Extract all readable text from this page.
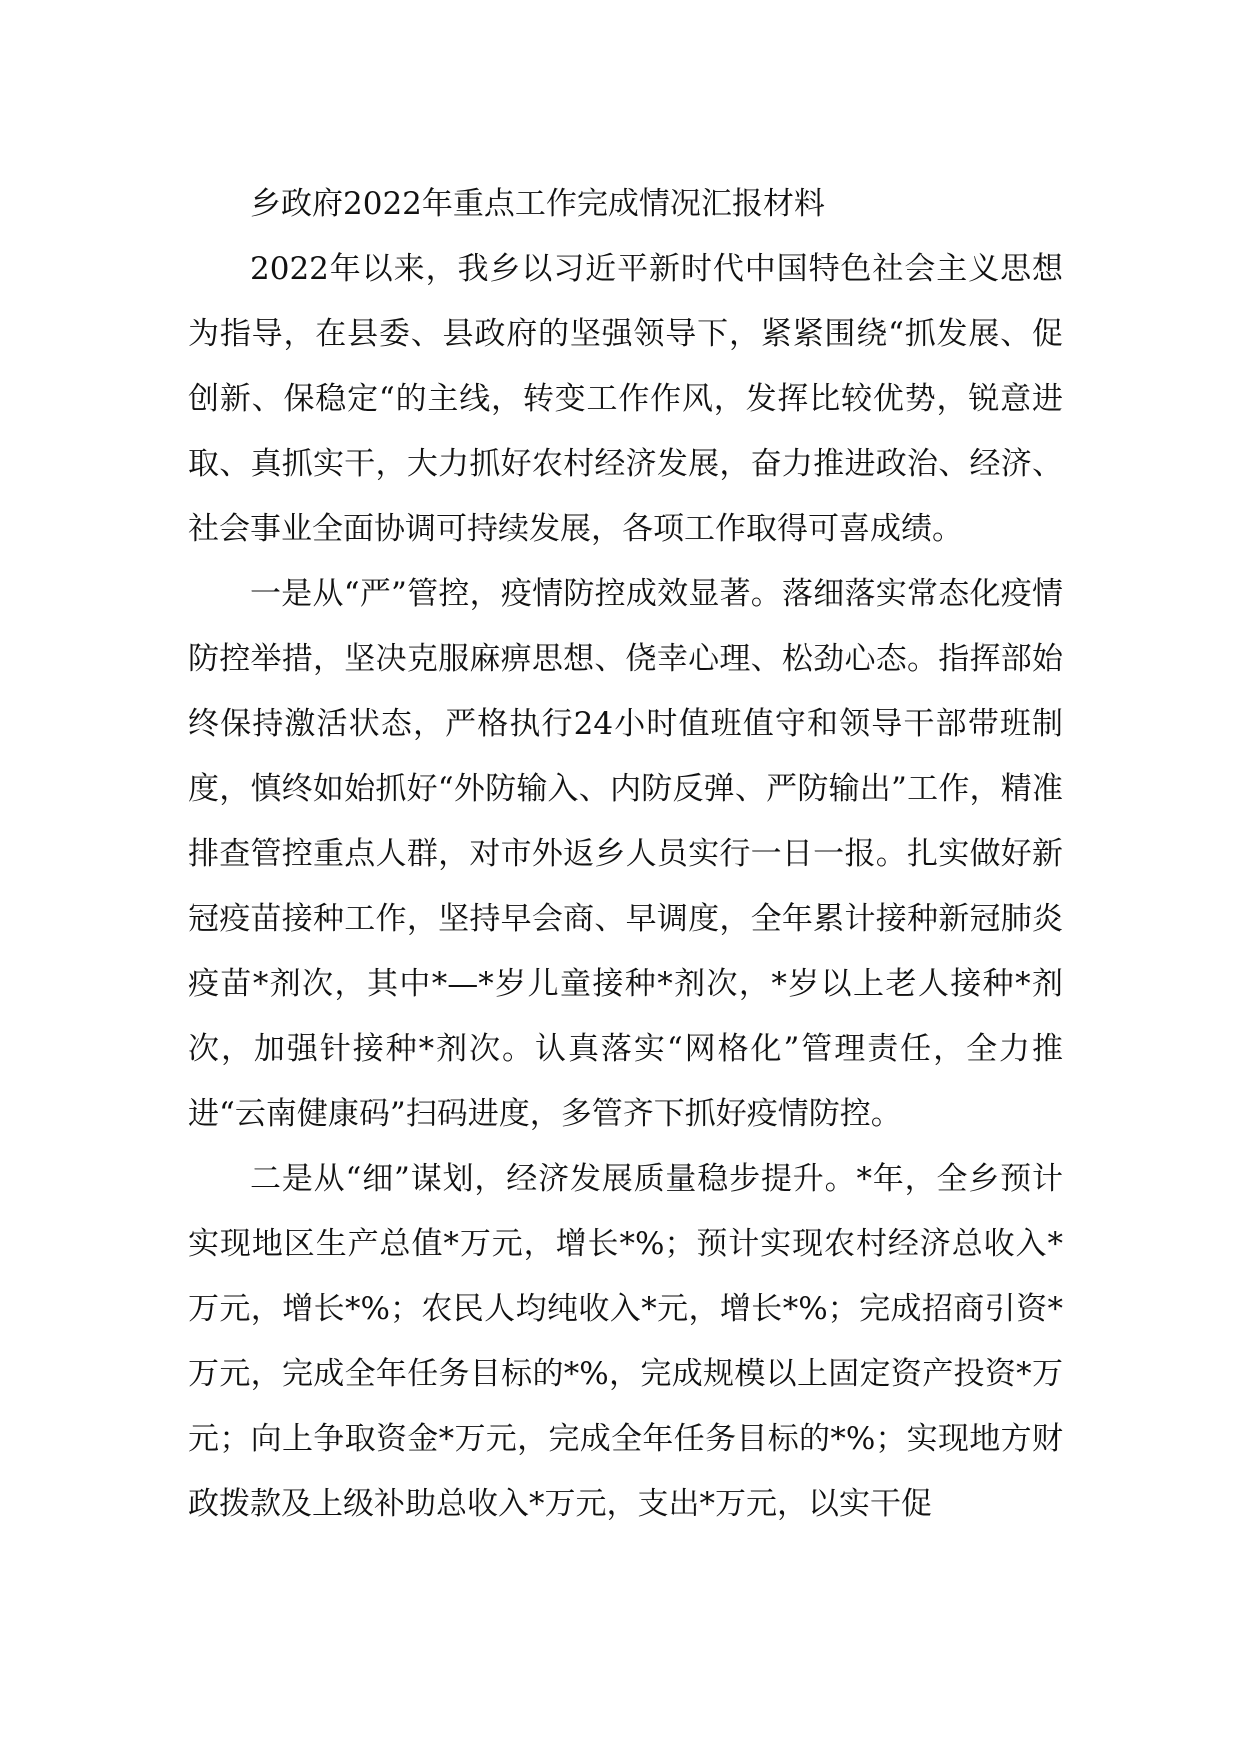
乡政府2022年重点工作完成情况汇报材料

2022年以来，我乡以习近平新时代中国特色社会主义思想为指导，在县委、县政府的坚强领导下，紧紧围绕“抓发展、促创新、保稳定“的主线，转变工作作风，发挥比较优势，锐意进取、真抓实干，大力抓好农村经济发展，奋力推进政治、经济、社会事业全面协调可持续发展，各项工作取得可喜成绩。

一是从“严”管控，疫情防控成效显著。落细落实常态化疫情防控举措，坚决克服麻痹思想、侥幸心理、松劲心态。指挥部始终保持激活状态，严格执行24小时值班值守和领导干部带班制度，慎终如始抓好“外防输入、内防反弹、严防输出”工作，精准排查管控重点人群，对市外返乡人员实行一日一报。扎实做好新冠疫苗接种工作，坚持早会商、早调度，全年累计接种新冠肺炎疫苗*剂次，其中*—*岁儿童接种*剂次，*岁以上老人接种*剂次，加强针接种*剂次。认真落实“网格化”管理责任，全力推进“云南健康码”扫码进度，多管齐下抓好疫情防控。

二是从“细”谋划，经济发展质量稳步提升。*年，全乡预计实现地区生产总值*万元，增长*%；预计实现农村经济总收入*万元，增长*%；农民人均纯收入*元，增长*%；完成招商引资*万元，完成全年任务目标的*%，完成规模以上固定资产投资*万元；向上争取资金*万元，完成全年任务目标的*%；实现地方财政拨款及上级补助总收入*万元，支出*万元，以实干促
